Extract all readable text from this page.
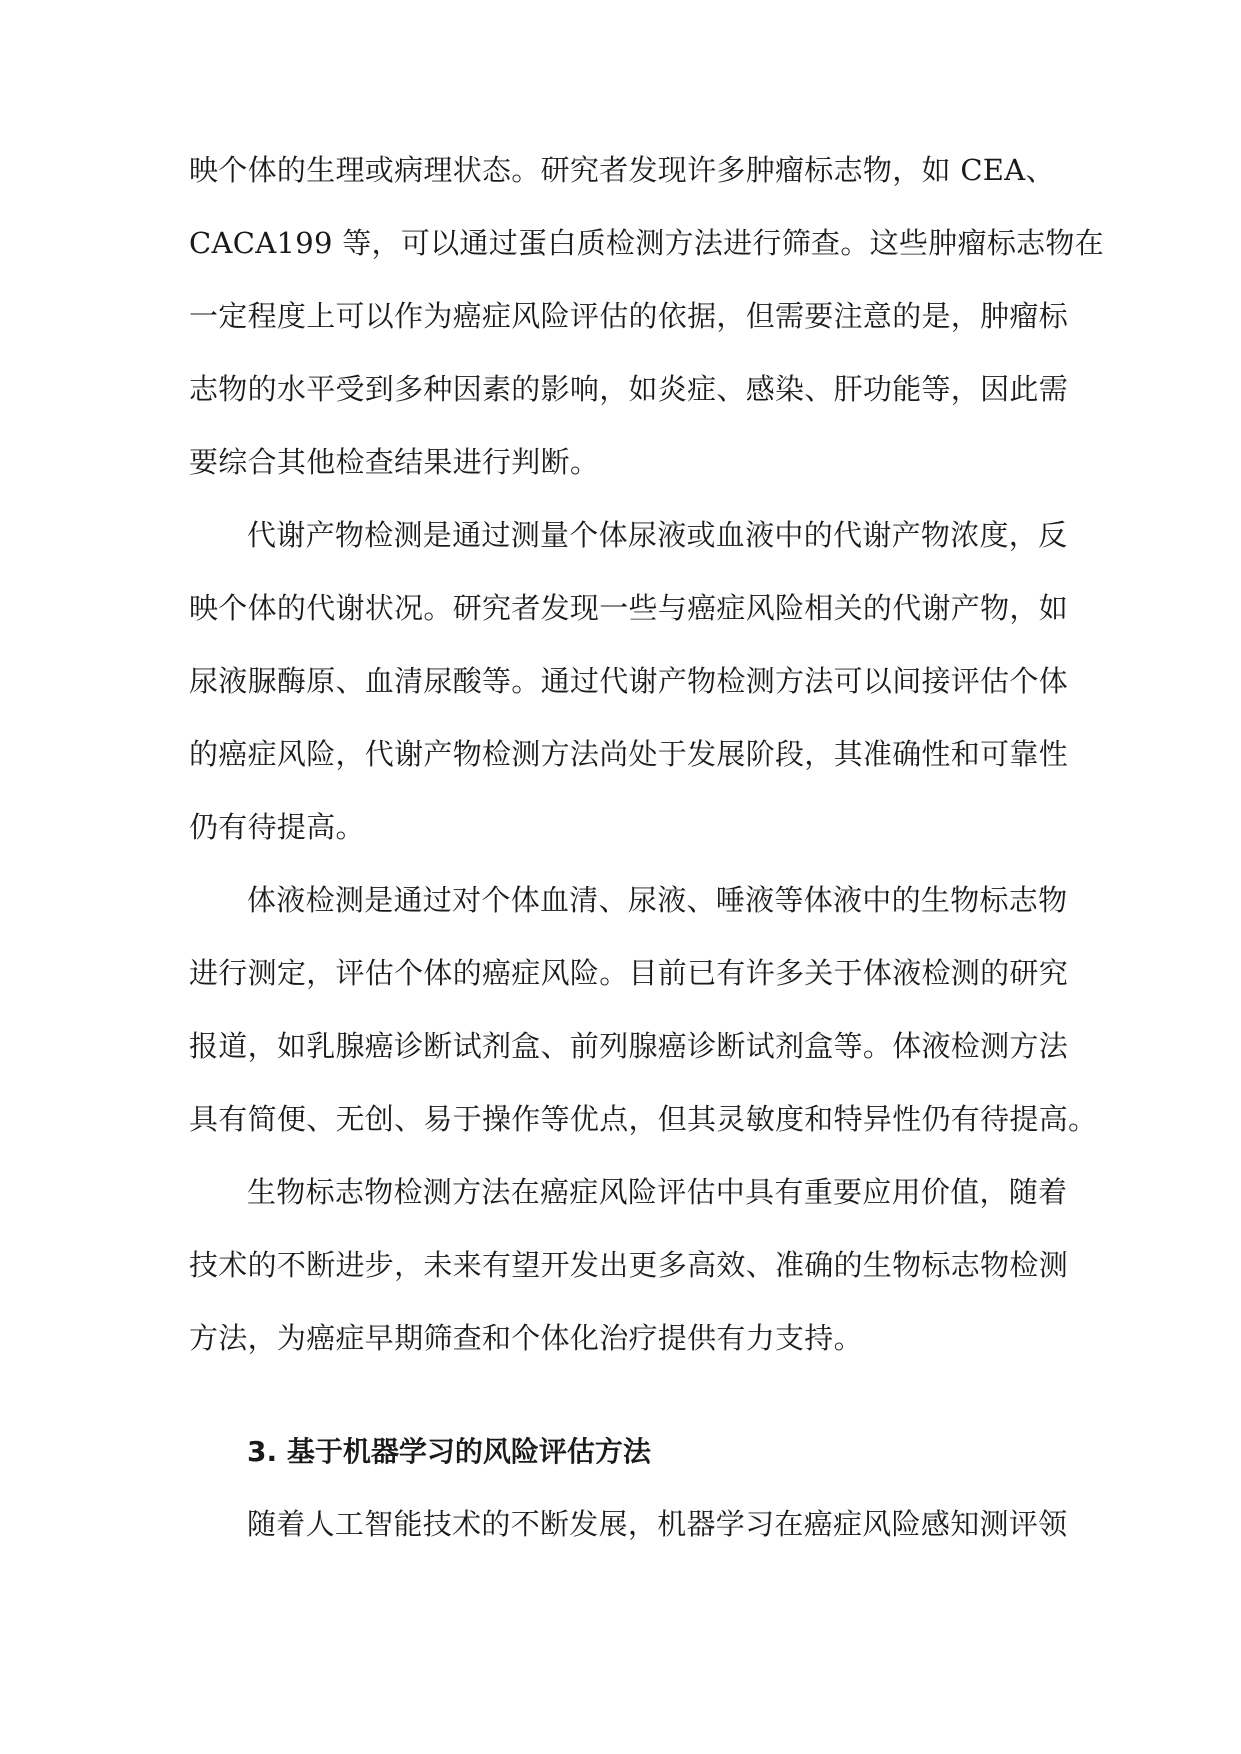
映个体的生理或病理状态。研究者发现许多肿瘤标志物，如 CEA、
CACA199 等，可以通过蛋白质检测方法进行筛查。这些肿瘤标志物在
一定程度上可以作为癌症风险评估的依据，但需要注意的是，肿瘤标
志物的水平受到多种因素的影响，如炎症、感染、肝功能等，因此需
要综合其他检查结果进行判断。
代谢产物检测是通过测量个体尿液或血液中的代谢产物浓度，反
映个体的代谢状况。研究者发现一些与癌症风险相关的代谢产物，如
尿液脲酶原、血清尿酸等。通过代谢产物检测方法可以间接评估个体
的癌症风险，代谢产物检测方法尚处于发展阶段，其准确性和可靠性
仍有待提高。
体液检测是通过对个体血清、尿液、唾液等体液中的生物标志物
进行测定，评估个体的癌症风险。目前已有许多关于体液检测的研究
报道，如乳腺癌诊断试剂盒、前列腺癌诊断试剂盒等。体液检测方法
具有简便、无创、易于操作等优点，但其灵敏度和特异性仍有待提高。
生物标志物检测方法在癌症风险评估中具有重要应用价值，随着
技术的不断进步，未来有望开发出更多高效、准确的生物标志物检测
方法，为癌症早期筛查和个体化治疗提供有力支持。
3. 基于机器学习的风险评估方法
随着人工智能技术的不断发展，机器学习在癌症风险感知测评领
